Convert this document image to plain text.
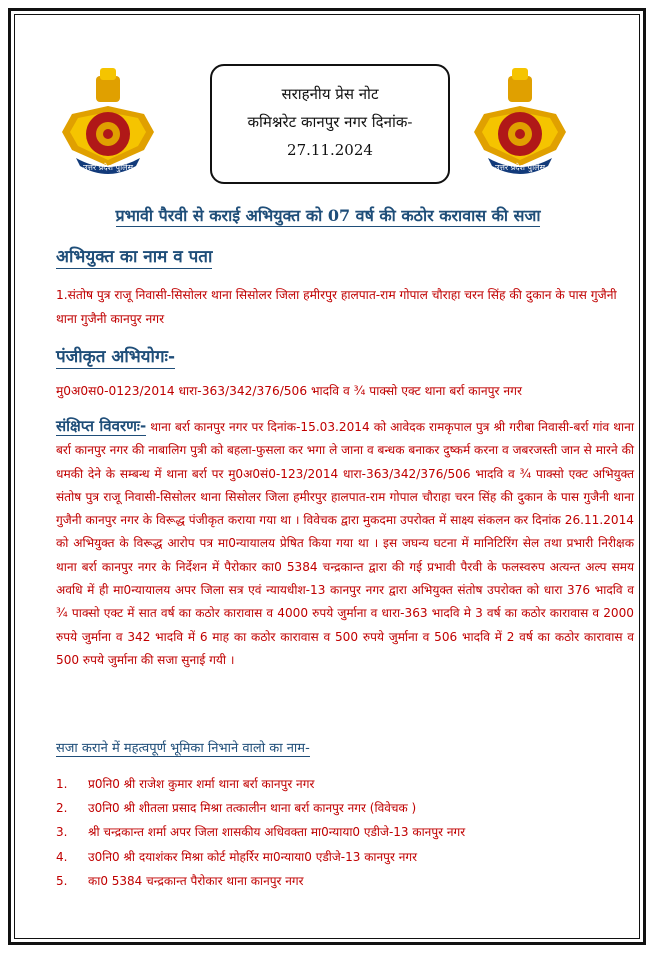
उत्तर प्रदेश पुलिस	उत्तर प्रदेश पुलिस
सराहनीय प्रेस नोट
कमिश्नरेट कानपुर नगर दिनांक-
27.11.2024
प्रभावी पैरवी से कराई अभियुक्त को 07 वर्ष की कठोर करावास की सजा
अभियुक्त का नाम व पता
1.संतोष पुत्र राजू निवासी-सिसोलर थाना सिसोलर जिला हमीरपुर हालपात-राम गोपाल चौराहा चरन सिंह की दुकान के पास गुजैनी थाना गुजैनी कानपुर नगर
पंजीकृत अभियोगः-
मु0अ0स0-0123/2014 धारा-363/342/376/506 भादवि व ¾ पाक्सो एक्ट थाना बर्रा कानपुर नगर
संक्षिप्त विवरणः- थाना बर्रा कानपुर नगर पर दिनांक-15.03.2014 को आवेदक रामकृपाल पुत्र श्री गरीबा निवासी-बर्रा गांव थाना बर्रा कानपुर नगर की नाबालिग पुत्री को बहला-फुसला कर भगा ले जाना व बन्धक बनाकर दुष्कर्म करना व जबरजस्ती जान से मारने की धमकी देने के सम्बन्ध में थाना बर्रा पर मु0अ0सं0-123/2014 धारा-363/342/376/506 भादवि व ¾ पाक्सो एक्ट अभियुक्त संतोष पुत्र राजू निवासी-सिसोलर थाना सिसोलर जिला हमीरपुर हालपात-राम गोपाल चौराहा चरन सिंह की दुकान के पास गुजैनी थाना गुजैनी कानपुर नगर के विरूद्ध पंजीकृत कराया गया था । विवेचक द्वारा मुकदमा उपरोक्त में साक्ष्य संकलन कर दिनांक 26.11.2014 को अभियुक्त के विरूद्ध आरोप पत्र मा0न्यायालय प्रेषित किया गया था । इस जघन्य घटना में मानिटिरिंग सेल तथा प्रभारी निरीक्षक थाना बर्रा कानपुर नगर के निर्देशन में पैरोकार का0 5384 चन्द्रकान्त द्वारा की गई प्रभावी पैरवी के फलस्वरुप अत्यन्त अल्प समय अवधि में ही मा0न्यायालय अपर जिला सत्र एवं न्यायधीश-13 कानपुर नगर द्वारा अभियुक्त संतोष उपरोक्त को धारा 376 भादवि व ¾ पाक्सो एक्ट में सात वर्ष का कठोर कारावास व 4000 रुपये जुर्माना व धारा-363 भादवि मे 3 वर्ष का कठोर कारावास व 2000 रुपये जुर्माना व 342 भादवि में 6 माह का कठोर कारावास व 500 रुपये जुर्माना व 506 भादवि में 2 वर्ष का कठोर कारावास व 500 रुपये जुर्माना की सजा सुनाई गयी ।
सजा कराने में महत्वपूर्ण भूमिका निभाने वालो का नाम-
1. प्र0नि0 श्री राजेश कुमार शर्मा थाना बर्रा कानपुर नगर
2. उ0नि0 श्री शीतला प्रसाद मिश्रा तत्कालीन थाना बर्रा कानपुर नगर (विवेचक )
3. श्री चन्द्रकान्त शर्मा अपर जिला शासकीय अधिवक्ता मा0न्याया0 एडीजे-13 कानपुर नगर
4. उ0नि0 श्री दयाशंकर मिश्रा कोर्ट मोहर्रिर मा0न्याया0 एडीजे-13 कानपुर नगर
5. का0 5384 चन्द्रकान्त पैरोकार थाना कानपुर नगर
